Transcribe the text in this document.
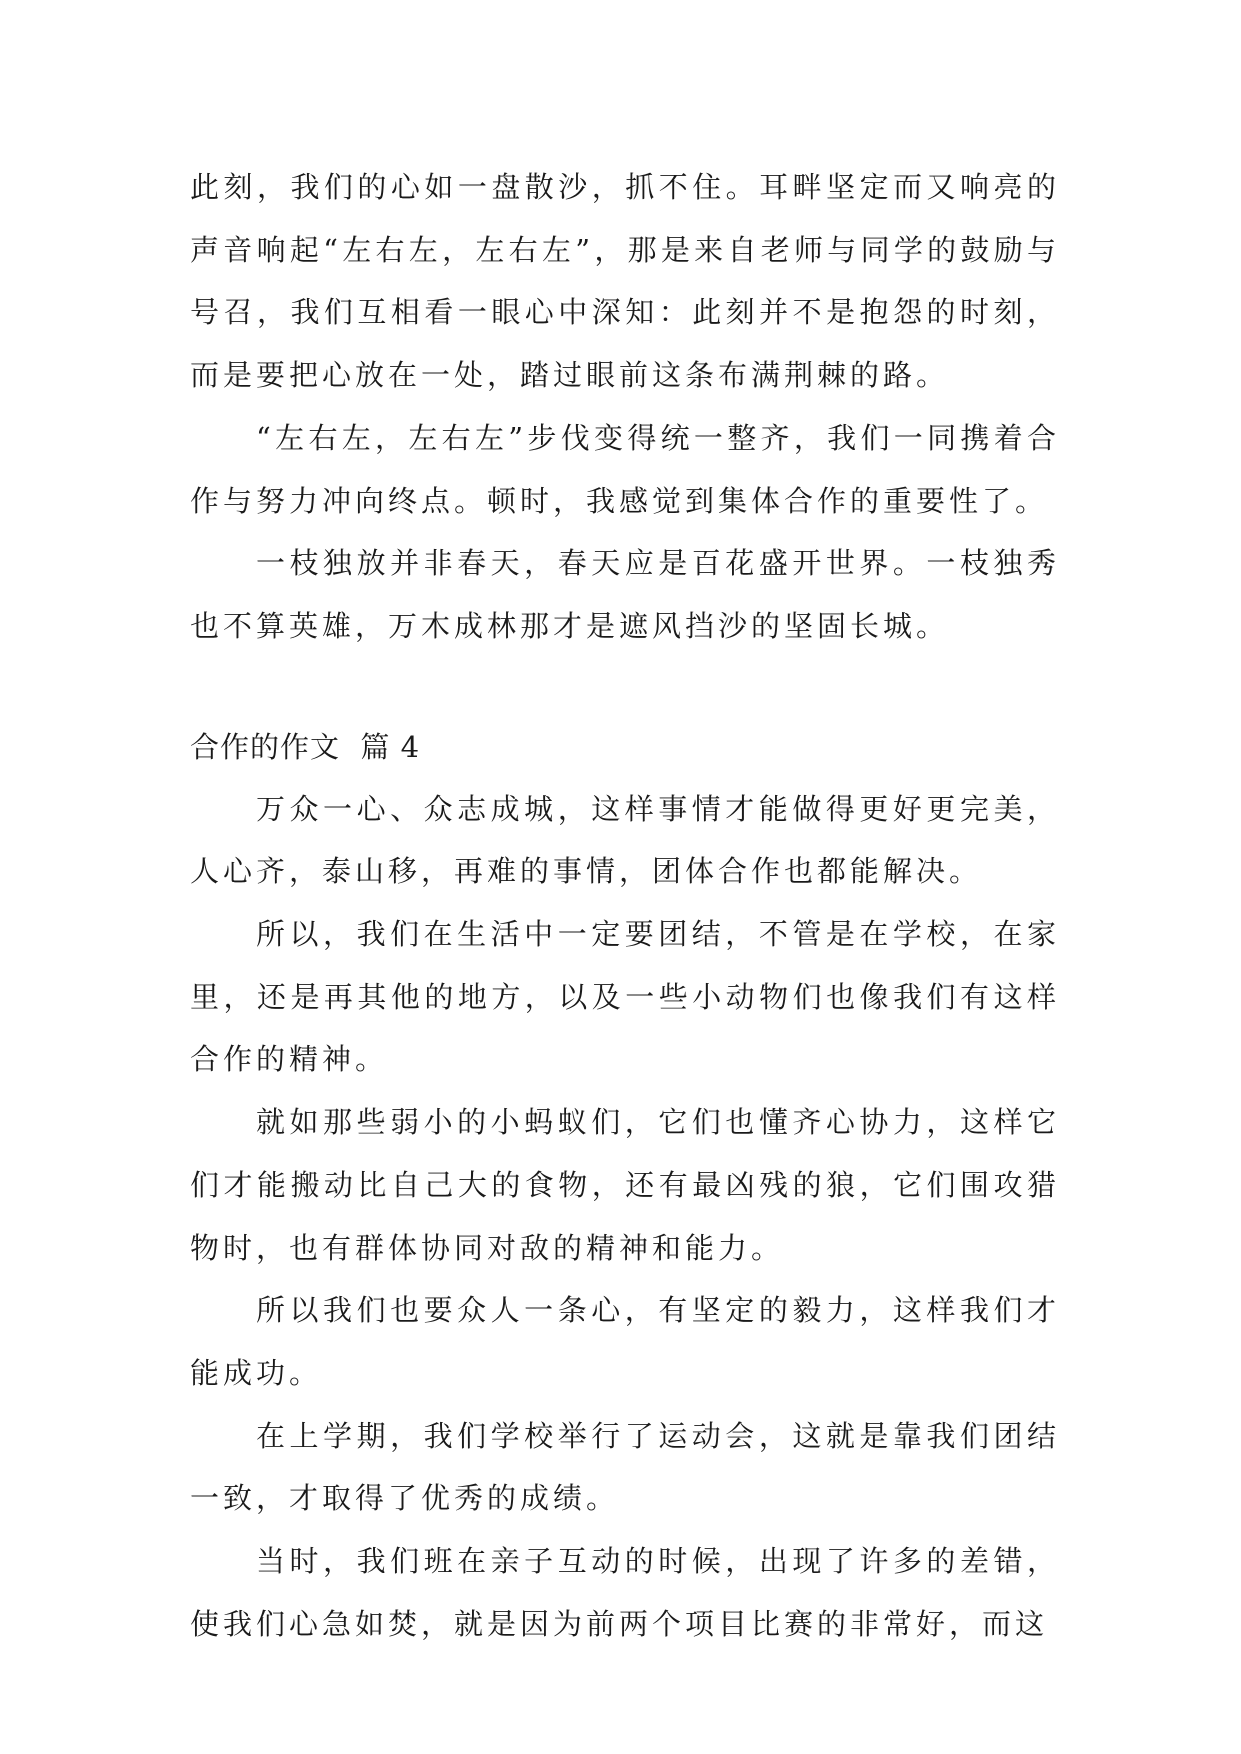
此刻，我们的心如一盘散沙，抓不住。耳畔坚定而又响亮的声音响起“左右左，左右左”，那是来自老师与同学的鼓励与号召，我们互相看一眼心中深知：此刻并不是抱怨的时刻，而是要把心放在一处，踏过眼前这条布满荆棘的路。

“左右左，左右左”步伐变得统一整齐，我们一同携着合作与努力冲向终点。顿时，我感觉到集体合作的重要性了。

一枝独放并非春天，春天应是百花盛开世界。一枝独秀也不算英雄，万木成林那才是遮风挡沙的坚固长城。

合作的作文  篇 4

万众一心、众志成城，这样事情才能做得更好更完美，人心齐，泰山移，再难的事情，团体合作也都能解决。

所以，我们在生活中一定要团结，不管是在学校，在家里，还是再其他的地方，以及一些小动物们也像我们有这样合作的精神。

就如那些弱小的小蚂蚁们，它们也懂齐心协力，这样它们才能搬动比自己大的食物，还有最凶残的狼，它们围攻猎物时，也有群体协同对敌的精神和能力。

所以我们也要众人一条心，有坚定的毅力，这样我们才能成功。

在上学期，我们学校举行了运动会，这就是靠我们团结一致，才取得了优秀的成绩。

当时，我们班在亲子互动的时候，出现了许多的差错，使我们心急如焚，就是因为前两个项目比赛的非常好，而这
